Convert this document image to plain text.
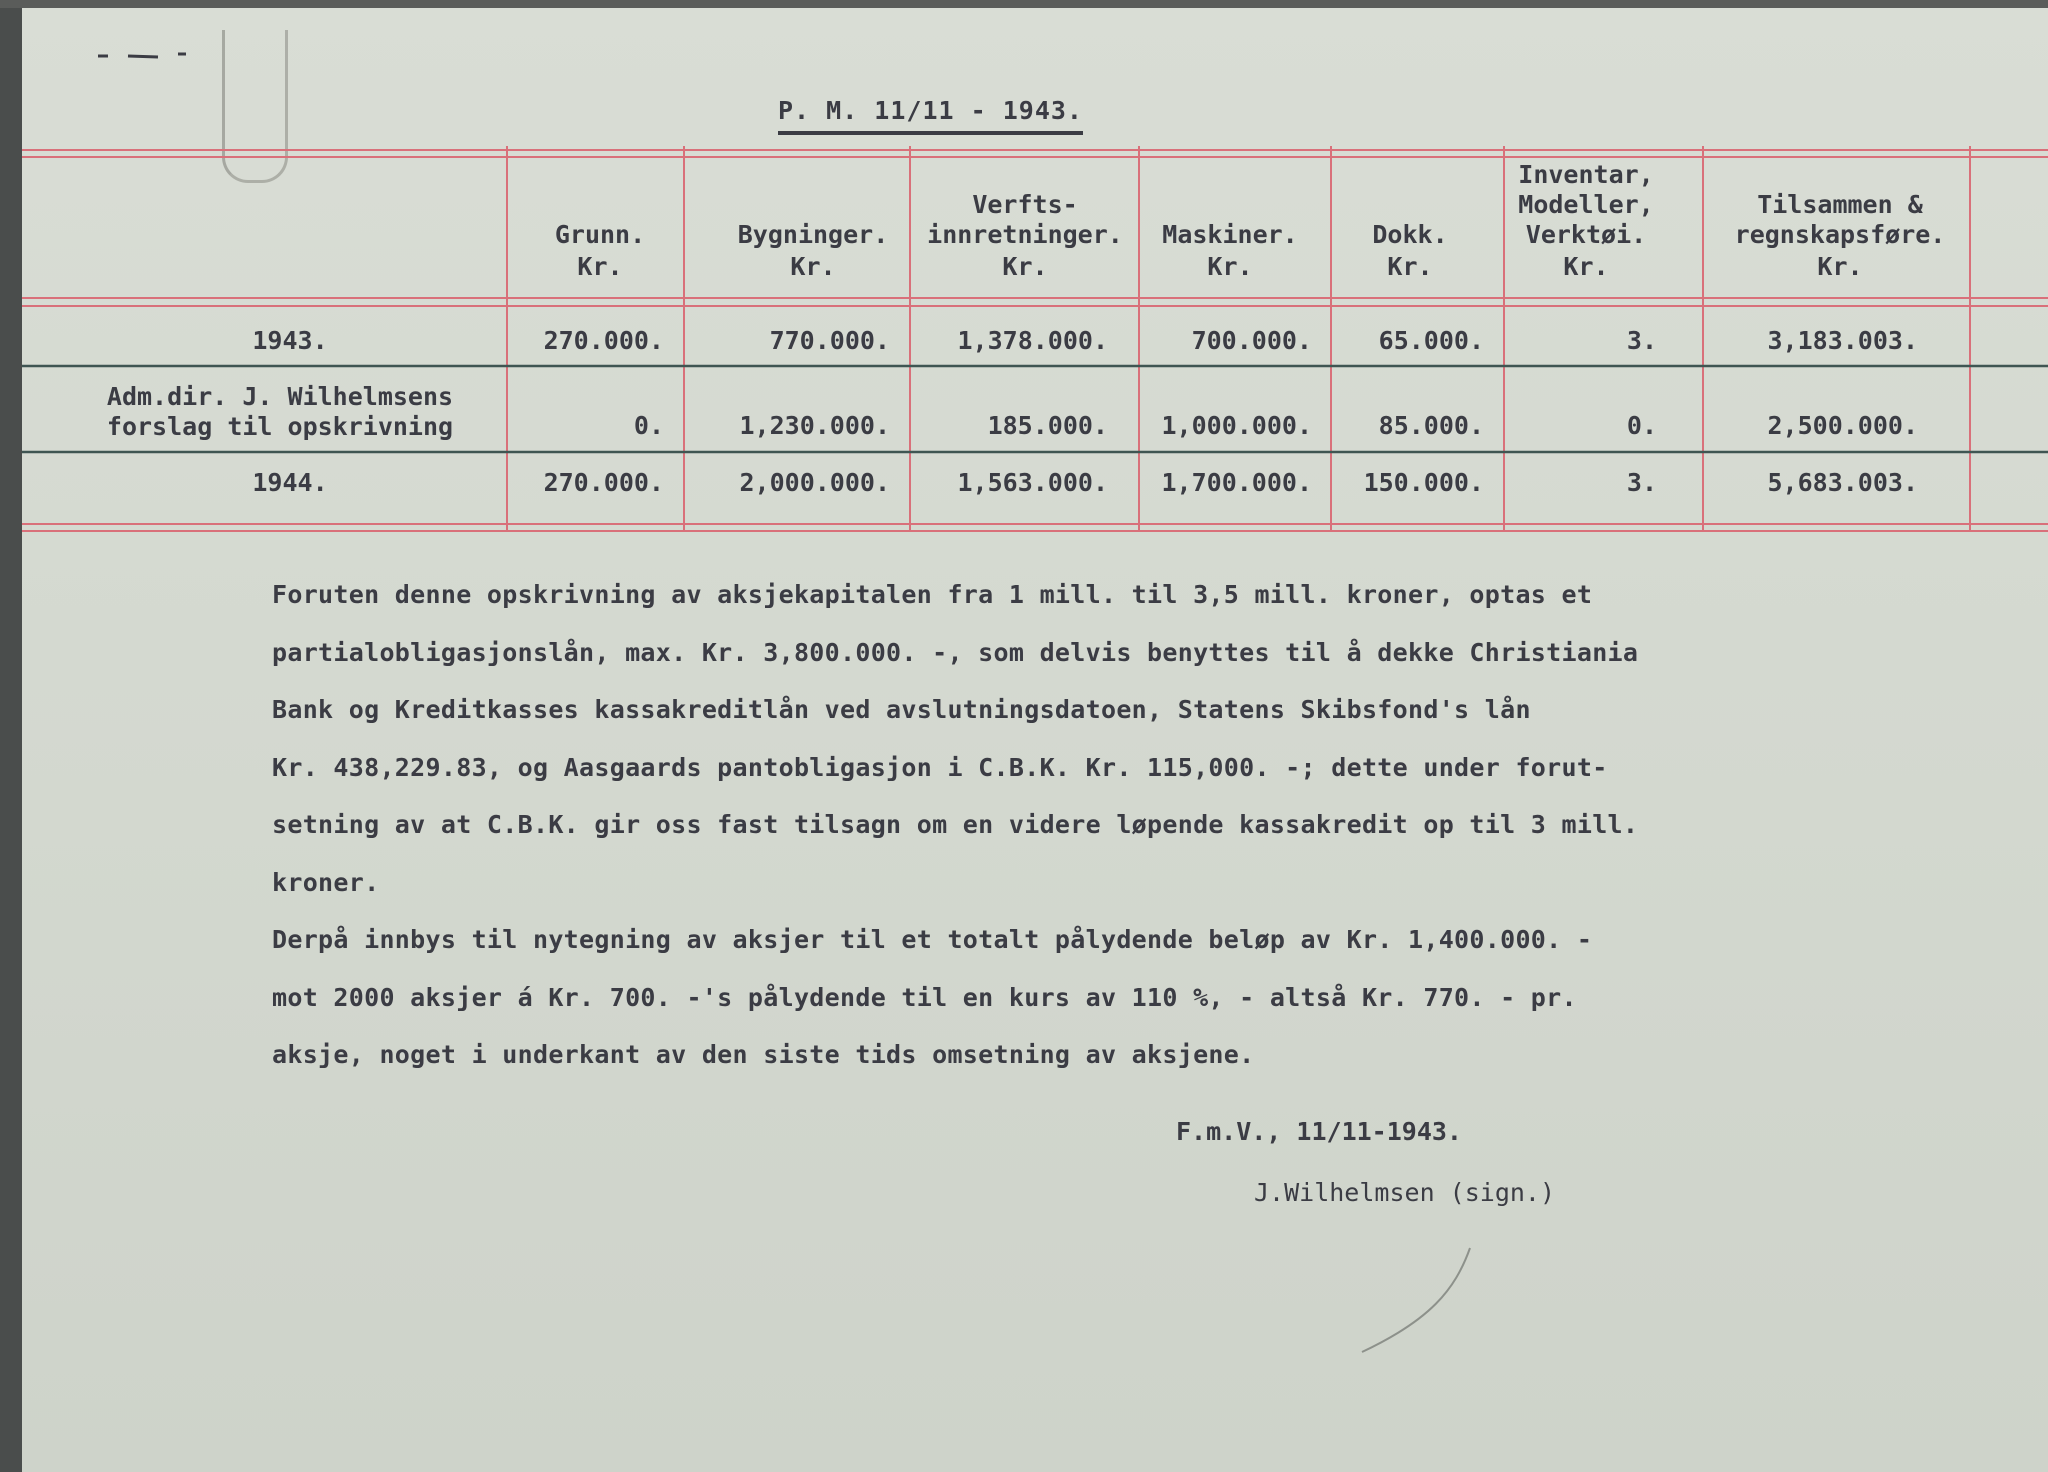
P. M. 11/11 - 1943.
Grunn.
Kr.
Bygninger.
Kr.
Verfts-
innretninger.
Kr.
Maskiner.
Kr.
Dokk.
Kr.
Inventar,
Modeller,
Verktøi.
Kr.
Tilsammen &
regnskapsføre.
Kr.
1943.	270.000.	770.000.	1,378.000.	700.000.	65.000.	3.	3,183.003.
Adm.dir. J. Wilhelmsens
forslag til opskrivning	0.	1,230.000.	185.000.	1,000.000.	85.000.	0.	2,500.000.
1944.	270.000.	2,000.000.	1,563.000.	1,700.000.	150.000.	3.	5,683.003.

Foruten denne opskrivning av aksjekapitalen fra 1 mill. til 3,5 mill. kroner, optas et

partialobligasjonslån, max. Kr. 3,800.000. -, som delvis benyttes til å dekke Christiania

Bank og Kreditkasses kassakreditlån ved avslutningsdatoen, Statens Skibsfond's lån

Kr. 438,229.83, og Aasgaards pantobligasjon i C.B.K. Kr. 115,000. -; dette under forut-

setning av at C.B.K. gir oss fast tilsagn om en videre løpende kassakredit op til 3 mill.

kroner.

Derpå innbys til nytegning av aksjer til et totalt pålydende beløp av Kr. 1,400.000. -

mot 2000 aksjer á Kr. 700. -'s pålydende til en kurs av 110 %, - altså Kr. 770. - pr.

aksje, noget i underkant av den siste tids omsetning av aksjene.

F.m.V., 11/11-1943.
J.Wilhelmsen (sign.)
